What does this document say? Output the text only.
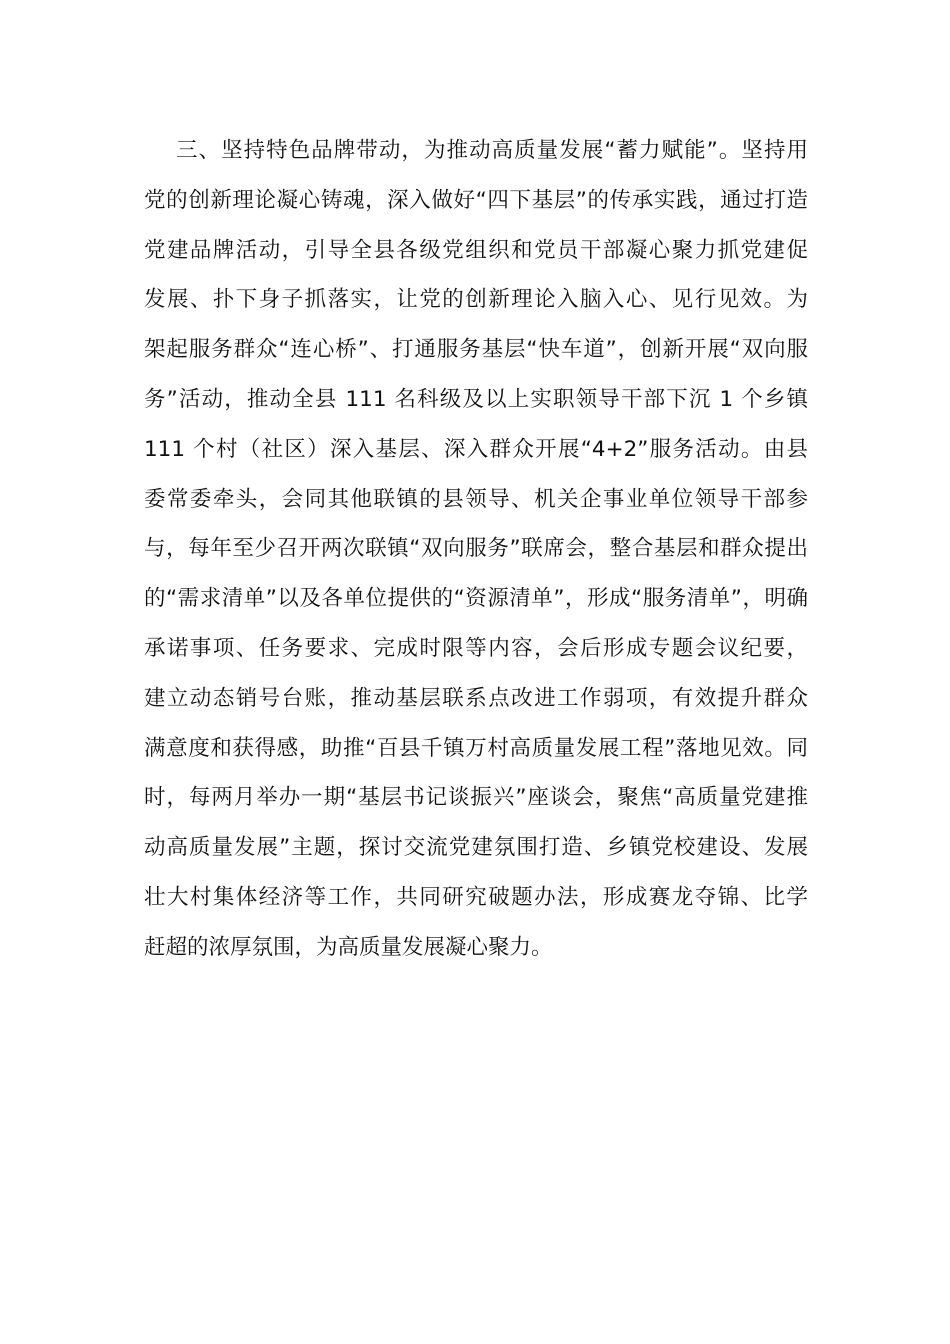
三、坚持特色品牌带动，为推动高质量发展“蓄力赋能”。坚持用
党的创新理论凝心铸魂，深入做好“四下基层”的传承实践，通过打造
党建品牌活动，引导全县各级党组织和党员干部凝心聚力抓党建促
发展、扑下身子抓落实，让党的创新理论入脑入心、见行见效。为
架起服务群众“连心桥”、打通服务基层“快车道”，创新开展“双向服
务”活动，推动全县 111 名科级及以上实职领导干部下沉 1 个乡镇
111 个村（社区）深入基层、深入群众开展“4+2”服务活动。由县
委常委牵头，会同其他联镇的县领导、机关企事业单位领导干部参
与，每年至少召开两次联镇“双向服务”联席会，整合基层和群众提出
的“需求清单”以及各单位提供的“资源清单”，形成“服务清单”，明确
承诺事项、任务要求、完成时限等内容，会后形成专题会议纪要，
建立动态销号台账，推动基层联系点改进工作弱项，有效提升群众
满意度和获得感，助推“百县千镇万村高质量发展工程”落地见效。同
时，每两月举办一期“基层书记谈振兴”座谈会，聚焦“高质量党建推
动高质量发展”主题，探讨交流党建氛围打造、乡镇党校建设、发展
壮大村集体经济等工作，共同研究破题办法，形成赛龙夺锦、比学
赶超的浓厚氛围，为高质量发展凝心聚力。
